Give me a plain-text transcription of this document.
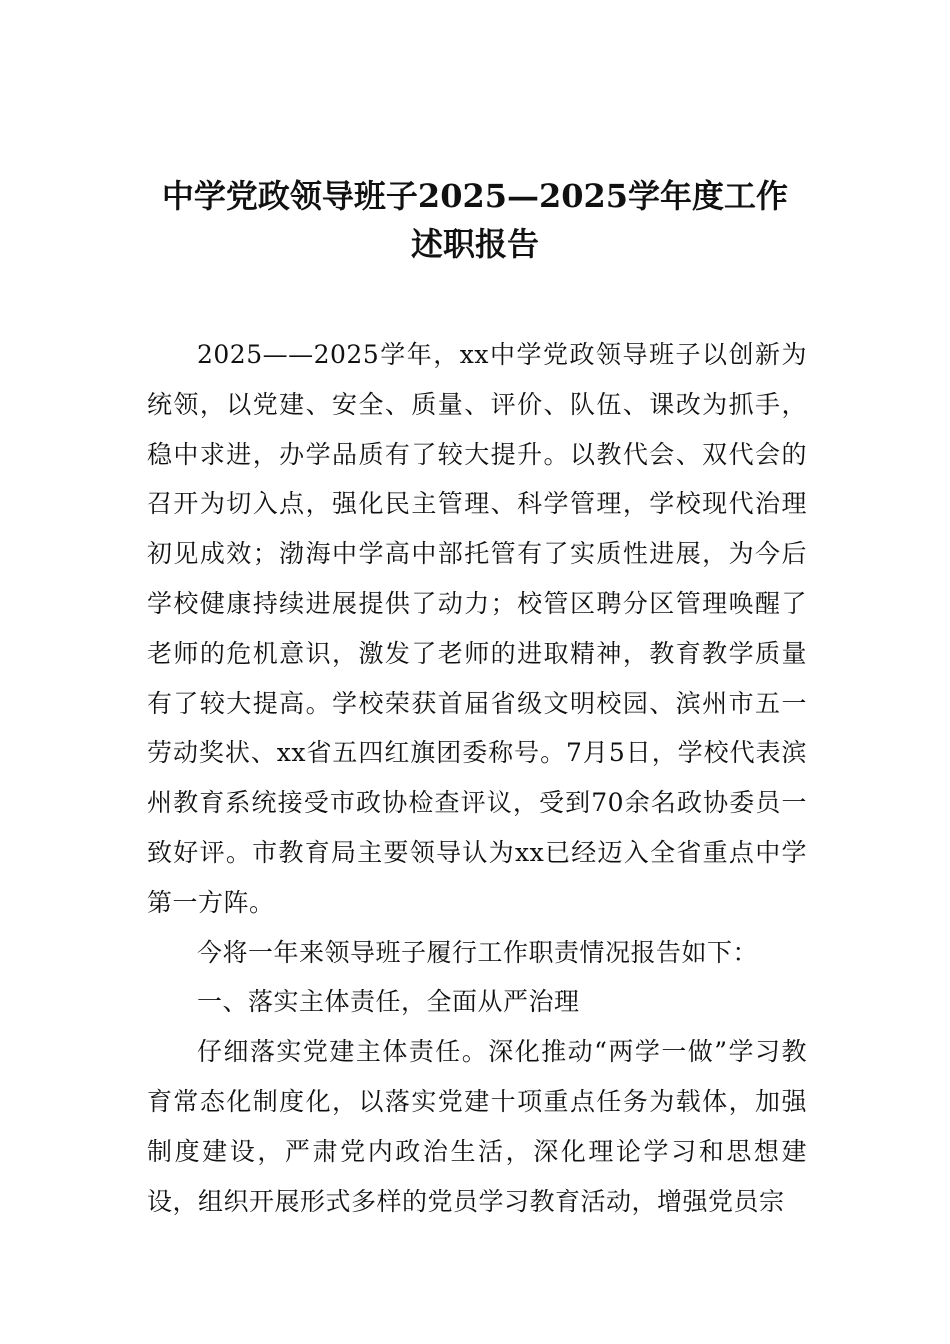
中学党政领导班子2025—2025学年度工作
述职报告

2025——2025学年，xx中学党政领导班子以创新为统领，以党建、安全、质量、评价、队伍、课改为抓手，稳中求进，办学品质有了较大提升。以教代会、双代会的召开为切入点，强化民主管理、科学管理，学校现代治理初见成效；渤海中学高中部托管有了实质性进展，为今后学校健康持续进展提供了动力；校管区聘分区管理唤醒了老师的危机意识，激发了老师的进取精神，教育教学质量有了较大提高。学校荣获首届省级文明校园、滨州市五一劳动奖状、xx省五四红旗团委称号。7月5日，学校代表滨州教育系统接受市政协检查评议，受到70余名政协委员一致好评。市教育局主要领导认为xx已经迈入全省重点中学第一方阵。

今将一年来领导班子履行工作职责情况报告如下：

一、落实主体责任，全面从严治理

仔细落实党建主体责任。深化推动“两学一做”学习教育常态化制度化，以落实党建十项重点任务为载体，加强制度建设，严肃党内政治生活，深化理论学习和思想建设，组织开展形式多样的党员学习教育活动，增强党员宗
